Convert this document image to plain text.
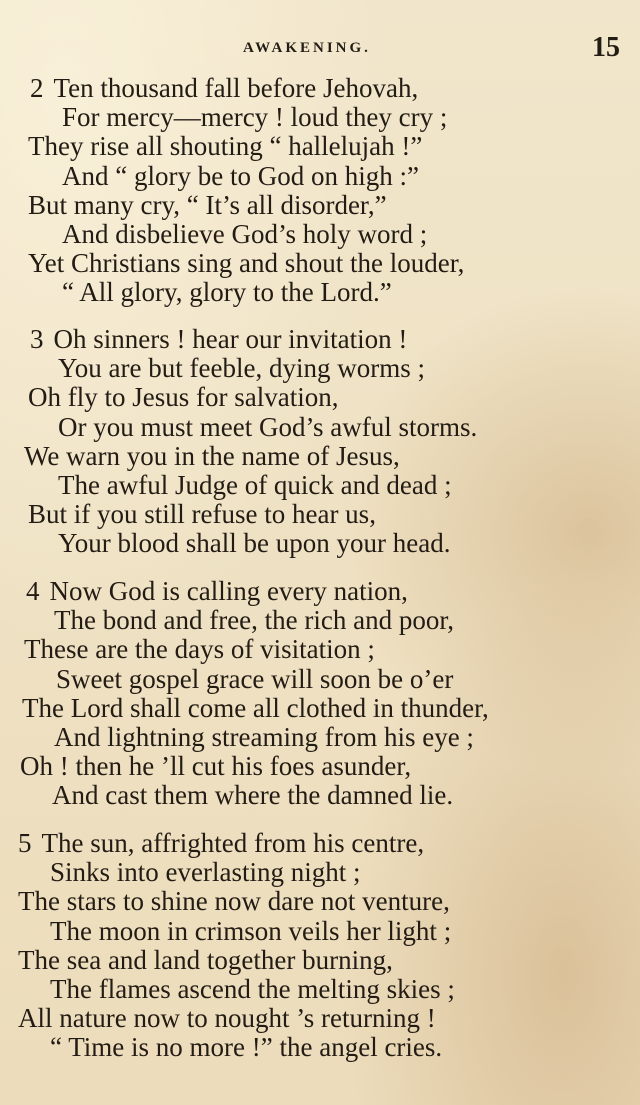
AWAKENING.	15
2 Ten thousand fall before Jehovah,
For mercy—mercy ! loud they cry ;
They rise all shouting “ hallelujah !”
And “ glory be to God on high :”
But many cry, “ It’s all disorder,”
And disbelieve God’s holy word ;
Yet Christians sing and shout the louder,
“ All glory, glory to the Lord.”
3 Oh sinners ! hear our invitation !
You are but feeble, dying worms ;
Oh fly to Jesus for salvation,
Or you must meet God’s awful storms.
We warn you in the name of Jesus,
The awful Judge of quick and dead ;
But if you still refuse to hear us,
Your blood shall be upon your head.
4 Now God is calling every nation,
The bond and free, the rich and poor,
These are the days of visitation ;
Sweet gospel grace will soon be o’er
The Lord shall come all clothed in thunder,
And lightning streaming from his eye ;
Oh ! then he ’ll cut his foes asunder,
And cast them where the damned lie.
5 The sun, affrighted from his centre,
Sinks into everlasting night ;
The stars to shine now dare not venture,
The moon in crimson veils her light ;
The sea and land together burning,
The flames ascend the melting skies ;
All nature now to nought ’s returning !
“ Time is no more !” the angel cries.
